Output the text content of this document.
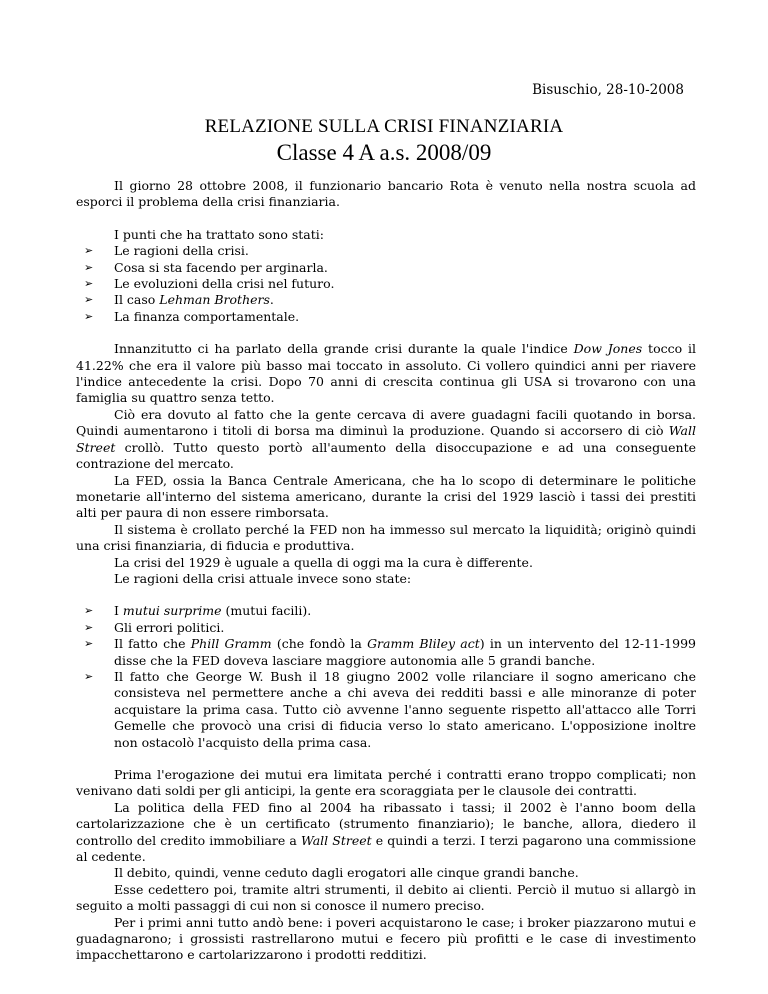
Bisuschio, 28-10-2008
RELAZIONE SULLA CRISI FINANZIARIA
Classe 4 A a.s. 2008/09

Il giorno 28 ottobre 2008, il funzionario bancario Rota è venuto nella nostra scuola ad esporci il problema della crisi finanziaria.

I punti che ha trattato sono stati:
➢ Le ragioni della crisi.
➢ Cosa si sta facendo per arginarla.
➢ Le evoluzioni della crisi nel futuro.
➢ Il caso Lehman Brothers.
➢ La finanza comportamentale.

Innanzitutto ci ha parlato della grande crisi durante la quale l'indice Dow Jones tocco il 41.22% che era il valore più basso mai toccato in assoluto. Ci vollero quindici anni per riavere l'indice antecedente la crisi. Dopo 70 anni di crescita continua gli USA si trovarono con una famiglia su quattro senza tetto.

Ciò era dovuto al fatto che la gente cercava di avere guadagni facili quotando in borsa. Quindi aumentarono i titoli di borsa ma diminuì la produzione. Quando si accorsero di ciò Wall Street crollò. Tutto questo portò all'aumento della disoccupazione e ad una conseguente contrazione del mercato.

La FED, ossia la Banca Centrale Americana, che ha lo scopo di determinare le politiche monetarie all'interno del sistema americano, durante la crisi del 1929 lasciò i tassi dei prestiti alti per paura di non essere rimborsata.

Il sistema è crollato perché la FED non ha immesso sul mercato la liquidità; originò quindi una crisi finanziaria, di fiducia e produttiva.

La crisi del 1929 è uguale a quella di oggi ma la cura è differente.

Le ragioni della crisi attuale invece sono state:

➢ I mutui surprime (mutui facili).
➢ Gli errori politici.
➢ Il fatto che Phill Gramm (che fondò la Gramm Bliley act) in un intervento del 12-11-1999 disse che la FED doveva lasciare maggiore autonomia alle 5 grandi banche.
➢ Il fatto che George W. Bush il 18 giugno 2002 volle rilanciare il sogno americano che consisteva nel permettere anche a chi aveva dei redditi bassi e alle minoranze di poter acquistare la prima casa. Tutto ciò avvenne l'anno seguente rispetto all'attacco alle Torri Gemelle che provocò una crisi di fiducia verso lo stato americano. L'opposizione inoltre non ostacolò l'acquisto della prima casa.

Prima l'erogazione dei mutui era limitata perché i contratti erano troppo complicati; non venivano dati soldi per gli anticipi, la gente era scoraggiata per le clausole dei contratti.

La politica della FED fino al 2004 ha ribassato i tassi; il 2002 è l'anno boom della cartolarizzazione che è un certificato (strumento finanziario); le banche, allora, diedero il controllo del credito immobiliare a Wall Street e quindi a terzi. I terzi pagarono una commissione al cedente.

Il debito, quindi, venne ceduto dagli erogatori alle cinque grandi banche.

Esse cedettero poi, tramite altri strumenti, il debito ai clienti. Perciò il mutuo si allargò in seguito a molti passaggi di cui non si conosce il numero preciso.

Per i primi anni tutto andò bene: i poveri acquistarono le case; i broker piazzarono mutui e guadagnarono; i grossisti rastrellarono mutui e fecero più profitti e le case di investimento impacchettarono e cartolarizzarono i prodotti redditizi.
